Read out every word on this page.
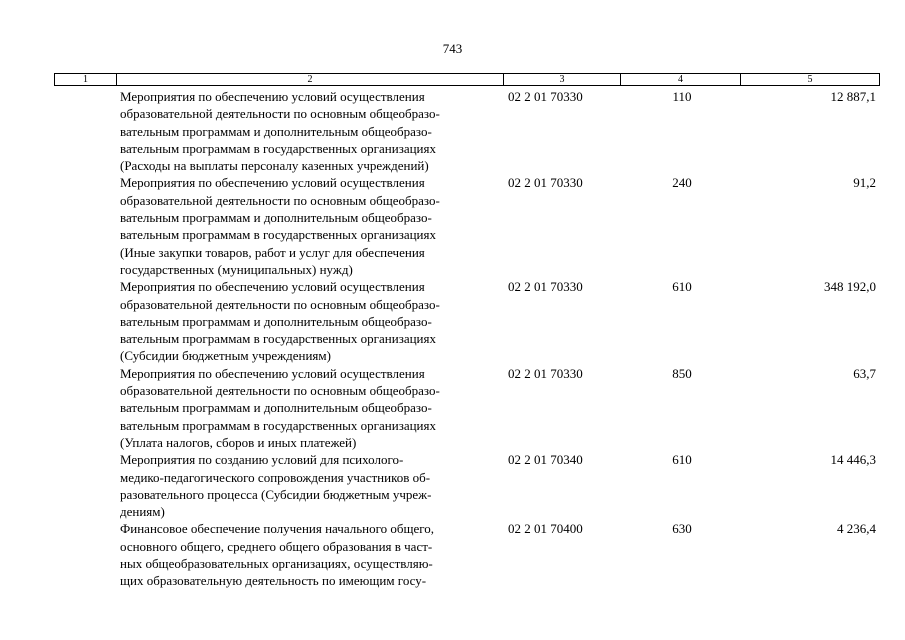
743
1	2	3	4	5
Мероприятия по обеспечению условий осуществления
образовательной деятельности по основным общеобразо-
вательным программам и дополнительным общеобразо-
вательным программам в государственных организациях
(Расходы на выплаты персоналу казенных учреждений)
02 2 01 70330	110	12 887,1
Мероприятия по обеспечению условий осуществления
образовательной деятельности по основным общеобразо-
вательным программам и дополнительным общеобразо-
вательным программам в государственных организациях
(Иные закупки товаров, работ и услуг для обеспечения
государственных (муниципальных) нужд)
02 2 01 70330	240	91,2
Мероприятия по обеспечению условий осуществления
образовательной деятельности по основным общеобразо-
вательным программам и дополнительным общеобразо-
вательным программам в государственных организациях
(Субсидии бюджетным учреждениям)
02 2 01 70330	610	348 192,0
Мероприятия по обеспечению условий осуществления
образовательной деятельности по основным общеобразо-
вательным программам и дополнительным общеобразо-
вательным программам в государственных организациях
(Уплата налогов, сборов и иных платежей)
02 2 01 70330	850	63,7
Мероприятия по созданию условий для психолого-
медико-педагогического сопровождения участников об-
разовательного процесса (Субсидии бюджетным учреж-
дениям)
02 2 01 70340	610	14 446,3
Финансовое обеспечение получения начального общего,
основного общего, среднего общего образования в част-
ных общеобразовательных организациях, осуществляю-
щих образовательную деятельность по имеющим госу-
02 2 01 70400	630	4 236,4
